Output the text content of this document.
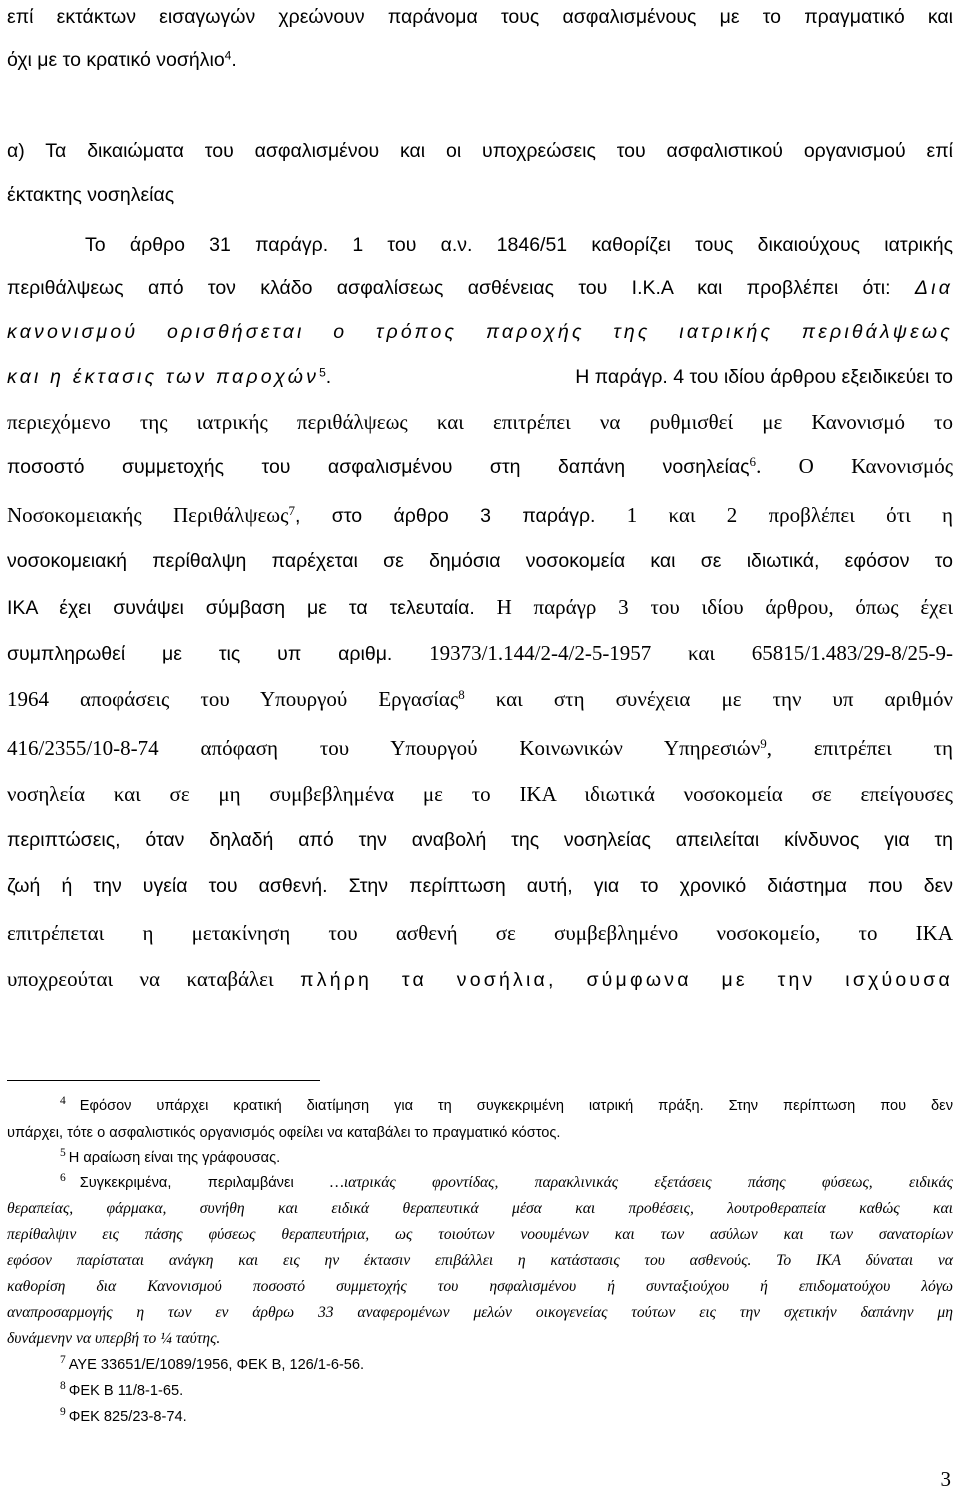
επί εκτάκτων εισαγωγών χρεώνουν παράνομα τους ασφαλισμένους με το πραγματικό και

όχι με το κρατικό νοσήλιο$^4$.

α) Τα δικαιώματα του ασφαλισμένου και οι υποχρεώσεις του ασφαλιστικού οργανισμού επί

έκτακτης νοσηλείας

Το άρθρο 31 παράγρ. 1 του α.ν. 1846/51 καθορίζει τους δικαιούχους ιατρικής

περιθάλψεως από τον κλάδο ασφαλίσεως ασθένειας του Ι.Κ.Α και προβλέπει ότι: Δια

κανονισμού ορισθήσεται ο τρόπος παροχής της ιατρικής περιθάλψεως

και η έκτασις των παροχών$^5$.	Η παράγρ. 4 του ιδίου άρθρου εξειδικεύει το

περιεχόμενο της ιατρικής περιθάλψεως και επιτρέπει να ρυθμισθεί με Κανονισμό το

ποσοστό συμμετοχής του ασφαλισμένου στη δαπάνη νοσηλείας$^6$. Ο Κανονισμός

Νοσοκομειακής Περιθάλψεως$^7$, στο άρθρο 3 παράγρ. 1 και 2 προβλέπει ότι η

νοσοκομειακή περίθαλψη παρέχεται σε δημόσια νοσοκομεία και σε ιδιωτικά, εφόσον το

ΙΚΑ έχει συνάψει σύμβαση με τα τελευταία. Η παράγρ 3 του ιδίου άρθρου, όπως έχει

συμπληρωθεί με τις υπ αριθμ. 19373/1.144/2-4/2-5-1957 και 65815/1.483/29-8/25-9-

1964 αποφάσεις του Υπουργού Εργασίας$^8$ και στη συνέχεια με την υπ αριθμόν

416/2355/10-8-74 απόφαση του Υπουργού Κοινωνικών Υπηρεσιών$^9$, επιτρέπει τη

νοσηλεία και σε μη συμβεβλημένα με το ΙΚΑ ιδιωτικά νοσοκομεία σε επείγουσες

περιπτώσεις, όταν δηλαδή από την αναβολή της νοσηλείας απειλείται κίνδυνος για τη

ζωή ή την υγεία του ασθενή. Στην περίπτωση αυτή, για το χρονικό διάστημα που δεν

επιτρέπεται η μετακίνηση του ασθενή σε συμβεβλημένο νοσοκομείο, το ΙΚΑ

υποχρεούται να καταβάλει πλήρη τα νοσήλια, σύμφωνα με την ισχύουσα

$^4$ Εφόσον υπάρχει κρατική διατίμηση για τη συγκεκριμένη ιατρική πράξη. Στην περίπτωση που δεν

υπάρχει, τότε ο ασφαλιστικός οργανισμός οφείλει να καταβάλει το πραγματικό κόστος.

$^5$ Η αραίωση είναι της γράφουσας.

$^6$ Συγκεκριμένα, περιλαμβάνει …ιατρικάς φροντίδας, παρακλινικάς εξετάσεις πάσης φύσεως, ειδικάς

θεραπείας, φάρμακα, συνήθη και ειδικά θεραπευτικά μέσα και προθέσεις, λουτροθεραπεία καθώς και

περίθαλψιν εις πάσης φύσεως θεραπευτήρια, ως τοιούτων νοουμένων και των ασύλων και των σανατορίων

εφόσον παρίσταται ανάγκη και εις ην έκτασιν επιβάλλει η κατάστασις του ασθενούς. Το ΙΚΑ δύναται να

καθορίση δια Κανονισμού ποσοστό συμμετοχής του ησφαλισμένου ή συνταξιούχου ή επιδοματούχου λόγω

αναπροσαρμογής η των εν άρθρω 33 αναφερομένων μελών οικογενείας τούτων εις την σχετικήν δαπάνην μη

δυνάμενην να υπερβή το ¼ ταύτης.

$^7$ ΑΥΕ 33651/Ε/1089/1956, ΦΕΚ Β, 126/1-6-56.

$^8$ ΦΕΚ Β 11/8-1-65.

$^9$ ΦΕΚ 825/23-8-74.

3
